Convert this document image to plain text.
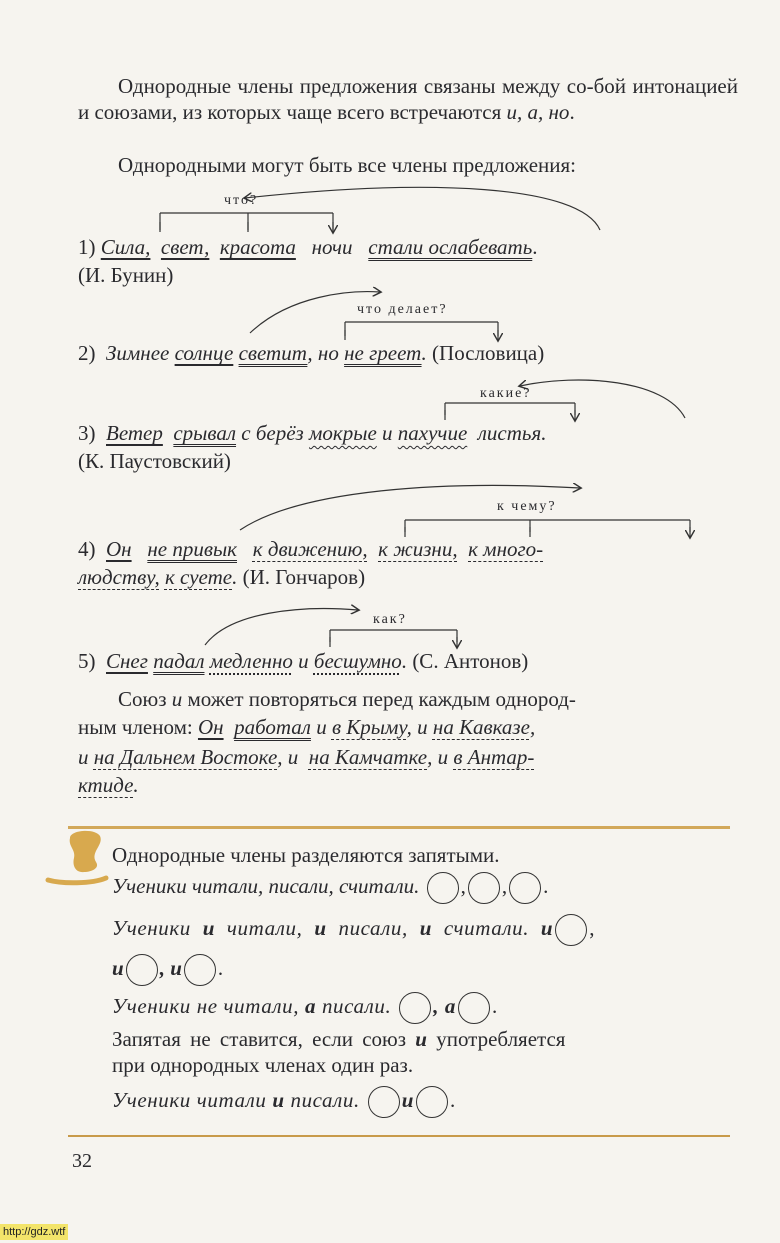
Однородные члены предложения связаны между со-бой интонацией и союзами, из которых чаще всего встречаются и, а, но.
Однородными могут быть все члены предложения:
что?
что делает?
какие?
к чему?
как?
1) Сила, свет, красота ночи стали ослабевать.
(И. Бунин)
2) Зимнее солнце светит, но не греет. (Пословица)
3) Ветер срывал с берёз мокрые и пахучие листья.
(К. Паустовский)
4) Он не привык к движению, к жизни, к много-
людству, к суете. (И. Гончаров)
5) Снег падал медленно и бесшумно. (С. Антонов)
Союз и может повторяться перед каждым однород-
ным членом: Он работал и в Крыму, и на Кавказе,
и на Дальнем Востоке, и на Камчатке, и в Антар-
ктиде.
Однородные члены разделяются запятыми.
Ученики читали, писали, считали. , , .
Ученики и читали, и писали, и считали. и ,
и , и .
Ученики не читали, а писали. , а .
Запятая не ставится, если союз и употребляется
при однородных членах один раз.
Ученики читали и писали. и .
32
http://gdz.wtf
